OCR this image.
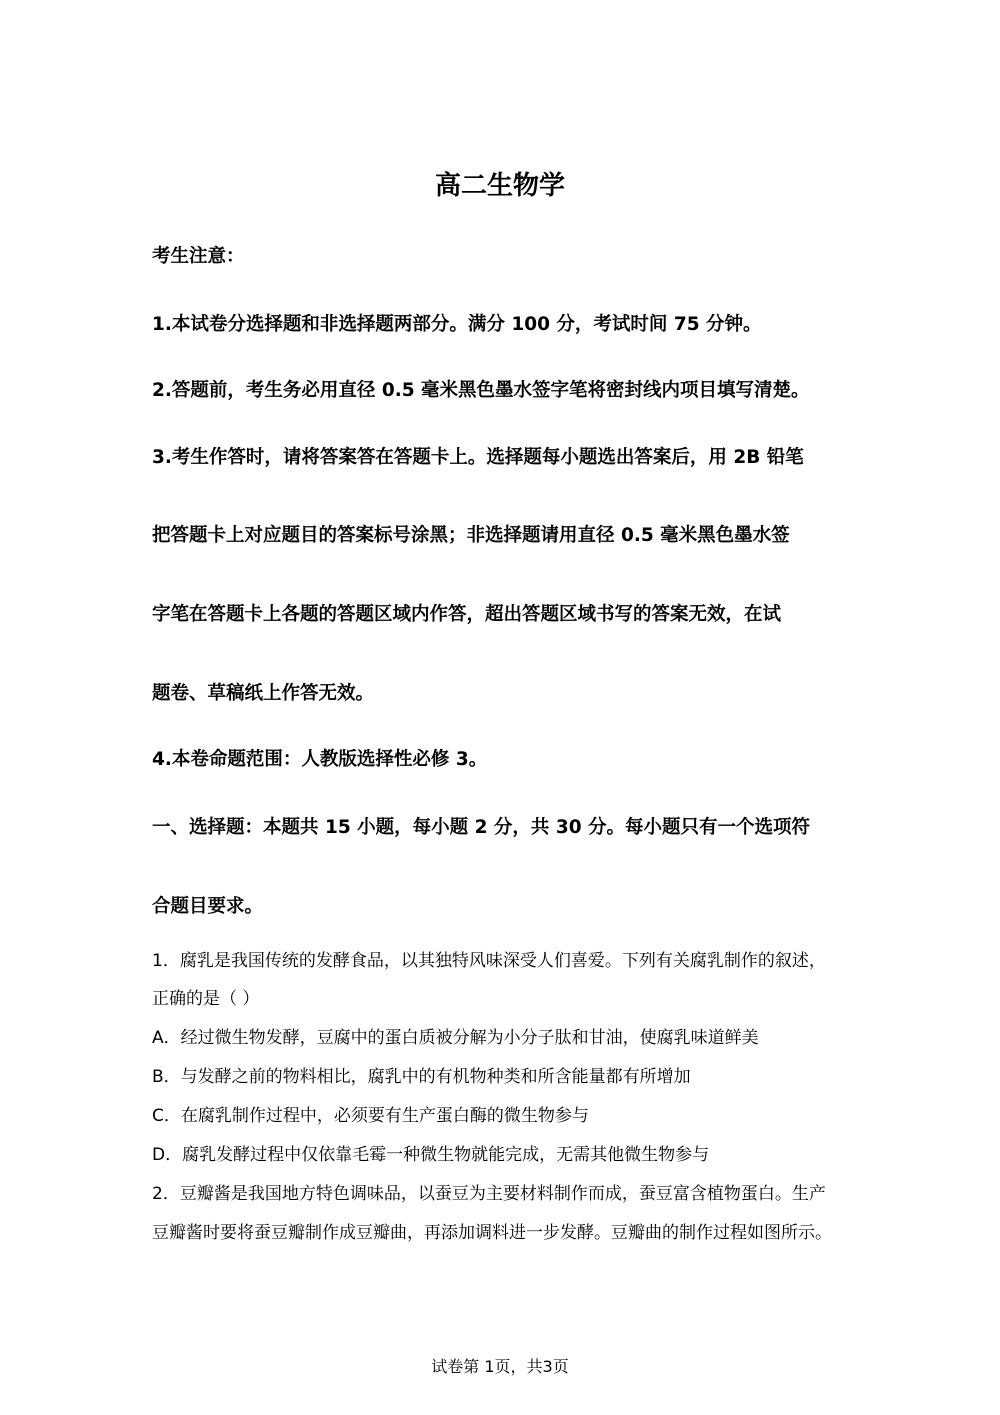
高二生物学
考生注意：
1.本试卷分选择题和非选择题两部分。满分 100 分，考试时间 75 分钟。
2.答题前，考生务必用直径 0.5 毫米黑色墨水签字笔将密封线内项目填写清楚。
3.考生作答时，请将答案答在答题卡上。选择题每小题选出答案后，用 2B 铅笔
把答题卡上对应题目的答案标号涂黑；非选择题请用直径 0.5 毫米黑色墨水签
字笔在答题卡上各题的答题区域内作答，超出答题区域书写的答案无效，在试
题卷、草稿纸上作答无效。
4.本卷命题范围：人教版选择性必修 3。
一、选择题：本题共 15 小题，每小题 2 分，共 30 分。每小题只有一个选项符
合题目要求。
1．腐乳是我国传统的发酵食品，以其独特风味深受人们喜爱。下列有关腐乳制作的叙述，
正确的是（ ）
A．经过微生物发酵，豆腐中的蛋白质被分解为小分子肽和甘油，使腐乳味道鲜美
B．与发酵之前的物料相比，腐乳中的有机物种类和所含能量都有所增加
C．在腐乳制作过程中，必须要有生产蛋白酶的微生物参与
D．腐乳发酵过程中仅依靠毛霉一种微生物就能完成，无需其他微生物参与
2．豆瓣酱是我国地方特色调味品，以蚕豆为主要材料制作而成，蚕豆富含植物蛋白。生产
豆瓣酱时要将蚕豆瓣制作成豆瓣曲，再添加调料进一步发酵。豆瓣曲的制作过程如图所示。
试卷第 1页，共3页
